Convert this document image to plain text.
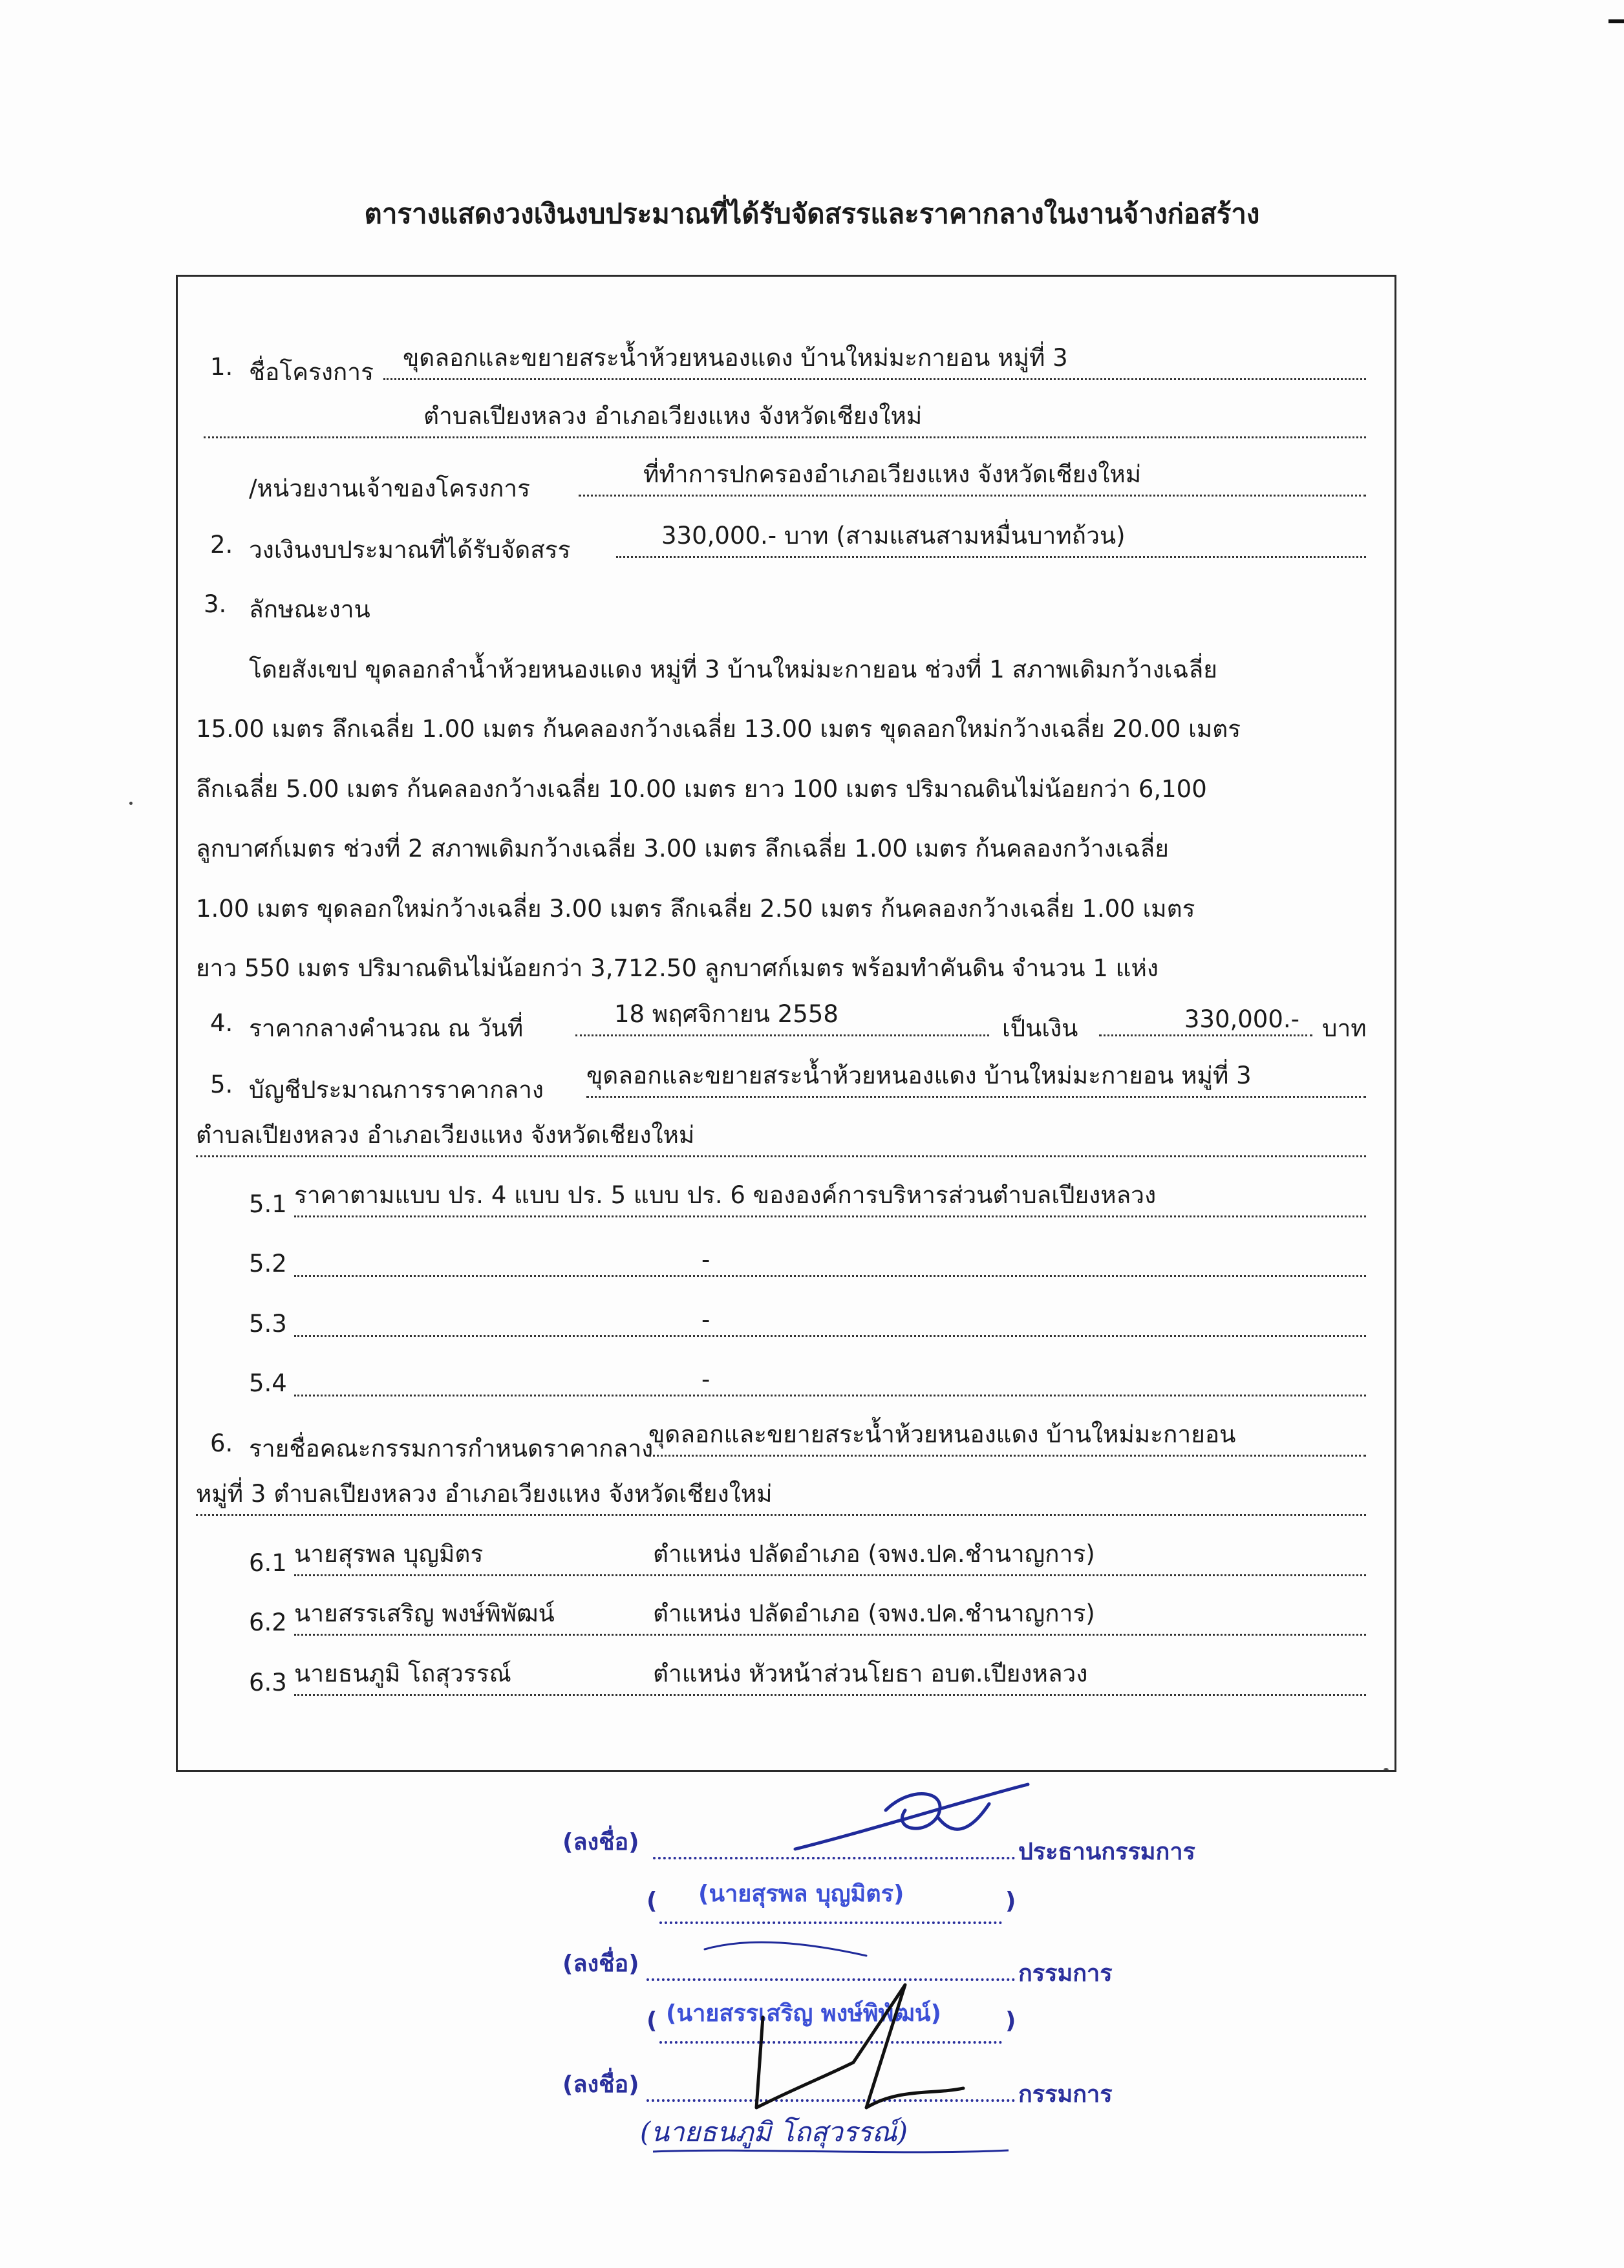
ตารางแสดงวงเงินงบประมาณที่ได้รับจัดสรรและราคากลางในงานจ้างก่อสร้าง
1. ชื่อโครงการ
ขุดลอกและขยายสระน้ำห้วยหนองแดง บ้านใหม่มะกายอน หมู่ที่ 3
ตำบลเปียงหลวง อำเภอเวียงแหง จังหวัดเชียงใหม่
/หน่วยงานเจ้าของโครงการ
ที่ทำการปกครองอำเภอเวียงแหง จังหวัดเชียงใหม่
2. วงเงินงบประมาณที่ได้รับจัดสรร
330,000.- บาท (สามแสนสามหมื่นบาทถ้วน)
3. ลักษณะงาน
โดยสังเขป ขุดลอกลำน้ำห้วยหนองแดง หมู่ที่ 3 บ้านใหม่มะกายอน ช่วงที่ 1 สภาพเดิมกว้างเฉลี่ย
15.00 เมตร ลึกเฉลี่ย 1.00 เมตร ก้นคลองกว้างเฉลี่ย 13.00 เมตร ขุดลอกใหม่กว้างเฉลี่ย 20.00 เมตร
ลึกเฉลี่ย 5.00 เมตร ก้นคลองกว้างเฉลี่ย 10.00 เมตร ยาว 100 เมตร ปริมาณดินไม่น้อยกว่า 6,100
ลูกบาศก์เมตร ช่วงที่ 2 สภาพเดิมกว้างเฉลี่ย 3.00 เมตร ลึกเฉลี่ย 1.00 เมตร ก้นคลองกว้างเฉลี่ย
1.00 เมตร ขุดลอกใหม่กว้างเฉลี่ย 3.00 เมตร ลึกเฉลี่ย 2.50 เมตร ก้นคลองกว้างเฉลี่ย 1.00 เมตร
ยาว 550 เมตร ปริมาณดินไม่น้อยกว่า 3,712.50 ลูกบาศก์เมตร พร้อมทำคันดิน จำนวน 1 แห่ง
4. ราคากลางคำนวณ ณ วันที่
18 พฤศจิกายน 2558
เป็นเงิน	330,000.- บาท
5. บัญชีประมาณการราคากลาง
ขุดลอกและขยายสระน้ำห้วยหนองแดง บ้านใหม่มะกายอน หมู่ที่ 3
ตำบลเปียงหลวง อำเภอเวียงแหง จังหวัดเชียงใหม่
5.1 ราคาตามแบบ ปร. 4 แบบ ปร. 5 แบบ ปร. 6 ขององค์การบริหารส่วนตำบลเปียงหลวง
5.2	-
5.3	-
5.4	-
6. รายชื่อคณะกรรมการกำหนดราคากลาง
ขุดลอกและขยายสระน้ำห้วยหนองแดง บ้านใหม่มะกายอน
หมู่ที่ 3 ตำบลเปียงหลวง อำเภอเวียงแหง จังหวัดเชียงใหม่
6.1 นายสุรพล บุญมิตร	ตำแหน่ง ปลัดอำเภอ (จพง.ปค.ชำนาญการ)
6.2 นายสรรเสริญ พงษ์พิพัฒน์	ตำแหน่ง ปลัดอำเภอ (จพง.ปค.ชำนาญการ)
6.3 นายธนภูมิ โถสุวรรณ์	ตำแหน่ง หัวหน้าส่วนโยธา อบต.เปียงหลวง
(ลงชื่อ)	ประธานกรรมการ
(	)
(นายสุรพล บุญมิตร)
(ลงชื่อ)	กรรมการ
(	)
(นายสรรเสริญ พงษ์พิพัฒน์)
(ลงชื่อ)	กรรมการ
(นายธนภูมิ โถสุวรรณ์)
